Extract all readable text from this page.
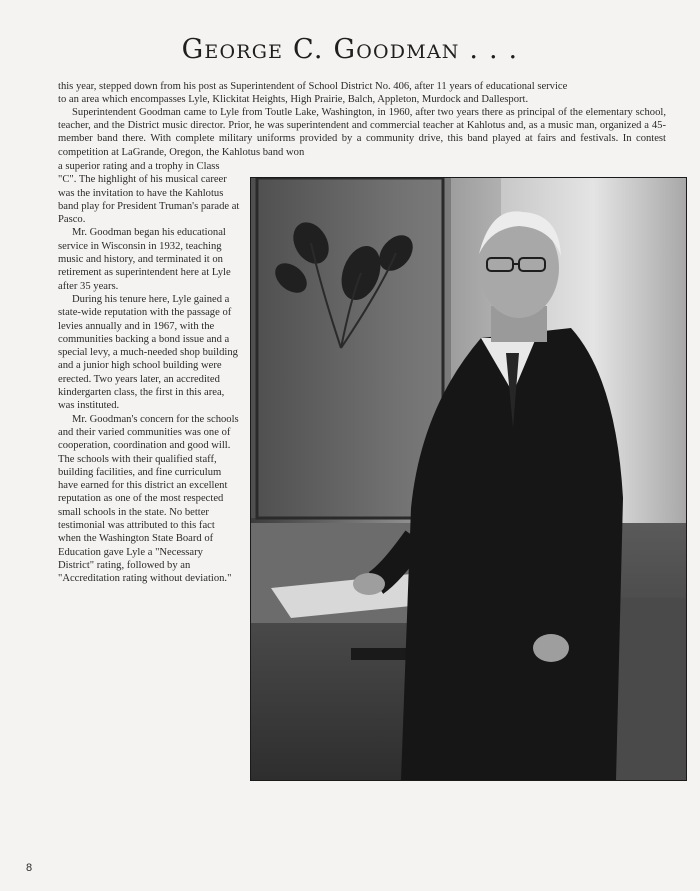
George C. Goodman . . .

this year, stepped down from his post as Superintendent of School District No. 406, after 11 years of educational service

to an area which encompasses Lyle, Klickitat Heights, High Prairie, Balch, Appleton, Murdock and Dallesport.

Superintendent Goodman came to Lyle from Toutle Lake, Washington, in 1960, after two years there as principal of the elementary school, teacher, and the District music director. Prior, he was superintendent and commercial teacher at Kahlotus and, as a music man, organized a 45-member band there. With complete military uniforms provided by a community drive, this band played at fairs and festivals. In contest competition at LaGrande, Oregon, the Kahlotus band won

a superior rating and a trophy in Class "C". The highlight of his musical career was the invitation to have the Kahlotus band play for President Truman's parade at Pasco.

Mr. Goodman began his educational service in Wisconsin in 1932, teaching music and history, and terminated it on retirement as superintendent here at Lyle after 35 years.

During his tenure here, Lyle gained a state-wide reputation with the passage of levies annually and in 1967, with the communities backing a bond issue and a special levy, a much-needed shop building and a junior high school building were erected. Two years later, an accredited kindergarten class, the first in this area, was instituted.

Mr. Goodman's concern for the schools and their varied communities was one of cooperation, coordination and good will. The schools with their qualified staff, building facilities, and fine curriculum have earned for this district an excellent reputation as one of the most respected small schools in the state. No better testimonial was attributed to this fact when the Washington State Board of Education gave Lyle a "Necessary District" rating, followed by an "Accreditation rating without deviation."

8
